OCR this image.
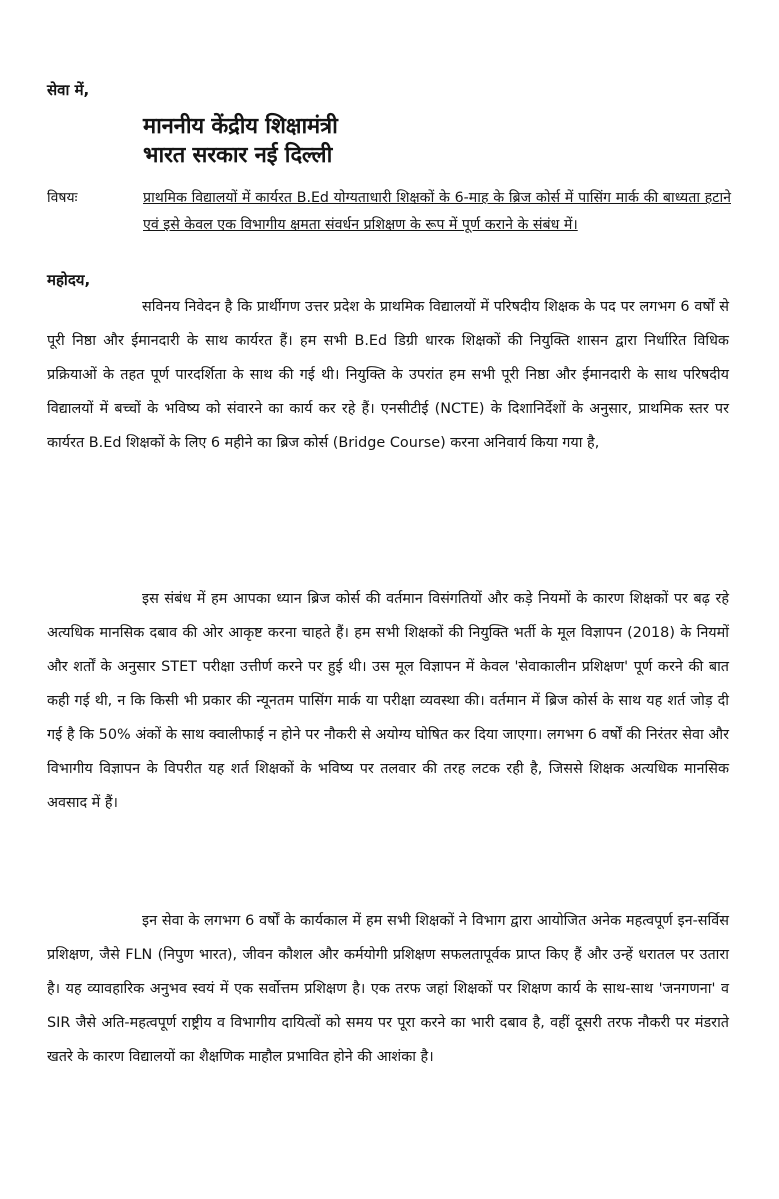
सेवा में,
माननीय केंद्रीय शिक्षामंत्री
भारत सरकार नई दिल्ली
विषयः	प्राथमिक विद्यालयों में कार्यरत B.Ed योग्यताधारी शिक्षकों के 6-माह के ब्रिज कोर्स में पासिंग मार्क की बाध्यता हटाने एवं इसे केवल एक विभागीय क्षमता संवर्धन प्रशिक्षण के रूप में पूर्ण कराने के संबंध में।
महोदय,

सविनय निवेदन है कि प्रार्थीगण उत्तर प्रदेश के प्राथमिक विद्यालयों में परिषदीय शिक्षक के पद पर लगभग 6 वर्षों से पूरी निष्ठा और ईमानदारी के साथ कार्यरत हैं। हम सभी B.Ed डिग्री धारक शिक्षकों की नियुक्ति शासन द्वारा निर्धारित विधिक प्रक्रियाओं के तहत पूर्ण पारदर्शिता के साथ की गई थी। नियुक्ति के उपरांत हम सभी पूरी निष्ठा और ईमानदारी के साथ परिषदीय विद्यालयों में बच्चों के भविष्य को संवारने का कार्य कर रहे हैं। एनसीटीई (NCTE) के दिशानिर्देशों के अनुसार, प्राथमिक स्तर पर कार्यरत B.Ed शिक्षकों के लिए 6 महीने का ब्रिज कोर्स (Bridge Course) करना अनिवार्य किया गया है,

इस संबंध में हम आपका ध्यान ब्रिज कोर्स की वर्तमान विसंगतियों और कड़े नियमों के कारण शिक्षकों पर बढ़ रहे अत्यधिक मानसिक दबाव की ओर आकृष्ट करना चाहते हैं। हम सभी शिक्षकों की नियुक्ति भर्ती के मूल विज्ञापन (2018) के नियमों और शर्तों के अनुसार STET परीक्षा उत्तीर्ण करने पर हुई थी। उस मूल विज्ञापन में केवल 'सेवाकालीन प्रशिक्षण' पूर्ण करने की बात कही गई थी, न कि किसी भी प्रकार की न्यूनतम पासिंग मार्क या परीक्षा व्यवस्था की। वर्तमान में ब्रिज कोर्स के साथ यह शर्त जोड़ दी गई है कि 50% अंकों के साथ क्वालीफाई न होने पर नौकरी से अयोग्य घोषित कर दिया जाएगा। लगभग 6 वर्षों की निरंतर सेवा और विभागीय विज्ञापन के विपरीत यह शर्त शिक्षकों के भविष्य पर तलवार की तरह लटक रही है, जिससे शिक्षक अत्यधिक मानसिक अवसाद में हैं।

इन सेवा के लगभग 6 वर्षों के कार्यकाल में हम सभी शिक्षकों ने विभाग द्वारा आयोजित अनेक महत्वपूर्ण इन-सर्विस प्रशिक्षण, जैसे FLN (निपुण भारत), जीवन कौशल और कर्मयोगी प्रशिक्षण सफलतापूर्वक प्राप्त किए हैं और उन्हें धरातल पर उतारा है। यह व्यावहारिक अनुभव स्वयं में एक सर्वोत्तम प्रशिक्षण है। एक तरफ जहां शिक्षकों पर शिक्षण कार्य के साथ-साथ 'जनगणना' व SIR जैसे अति-महत्वपूर्ण राष्ट्रीय व विभागीय दायित्वों को समय पर पूरा करने का भारी दबाव है, वहीं दूसरी तरफ नौकरी पर मंडराते खतरे के कारण विद्यालयों का शैक्षणिक माहौल प्रभावित होने की आशंका है।
